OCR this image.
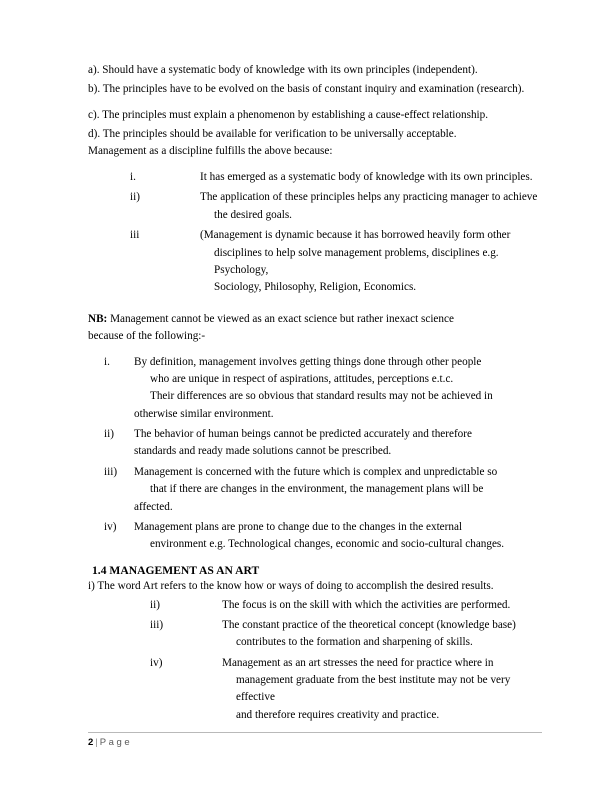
a). Should have a systematic body of knowledge with its own principles (independent).

b). The principles have to be evolved on the basis of constant inquiry and examination (research).

c). The principles must explain a phenomenon by establishing a cause-effect relationship.

d). The principles should be available for verification to be universally acceptable.

Management as a discipline fulfills the above because:

i.	It has emerged as a systematic body of knowledge with its own principles.
ii)	The application of these principles helps any practicing manager to achieve
the desired goals.
iii	(Management is dynamic because it has borrowed heavily form other
disciplines to help solve management problems, disciplines e.g. Psychology,
Sociology, Philosophy, Religion, Economics.

NB: Management cannot be viewed as an exact science but rather inexact science

because of the following:-

i.	By definition, management involves getting things done through other people
who are unique in respect of aspirations, attitudes, perceptions e.t.c.
Their differences are so obvious that standard results may not be achieved in
otherwise similar environment.
ii)	The behavior of human beings cannot be predicted accurately and therefore
standards and ready made solutions cannot be prescribed.
iii)	Management is concerned with the future which is complex and unpredictable so
that if there are changes in the environment, the management plans will be
affected.
iv)	Management plans are prone to change due to the changes in the external
environment e.g. Technological changes, economic and socio-cultural changes.
1.4 MANAGEMENT AS AN ART

i) The word Art refers to the know how or ways of doing to accomplish the desired results.

ii)	The focus is on the skill with which the activities are performed.
iii)	The constant practice of the theoretical concept (knowledge base)
contributes to the formation and sharpening of skills.
iv)	Management as an art stresses the need for practice where in
management graduate from the best institute may not be very effective
and therefore requires creativity and practice.
2 | P a g e
